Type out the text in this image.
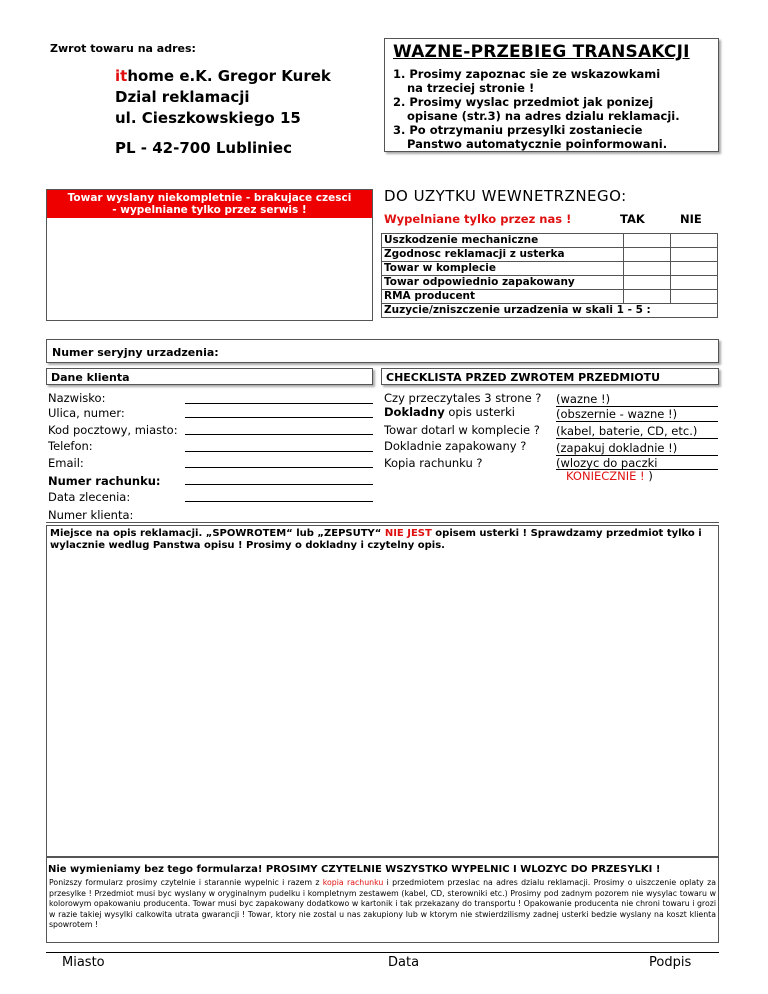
Zwrot towaru na adres:
ithome e.K. Gregor Kurek
Dzial reklamacji
ul. Cieszkowskiego 15
PL - 42-700 Lubliniec
WAZNE-PRZEBIEG TRANSAKCJI
1. Prosimy zapoznac sie ze wskazowkami
na trzeciej stronie !
2. Prosimy wyslac przedmiot jak ponizej
opisane (str.3) na adres dzialu reklamacji.
3. Po otrzymaniu przesylki zostaniecie
Panstwo automatycznie poinformowani.
Towar wyslany niekompletnie - brakujace czesci
- wypelniane tylko przez serwis !
DO UZYTKU WEWNETRZNEGO:
Wypelniane tylko przez nas !	TAK	NIE
Uszkodzenie mechaniczne		
Zgodnosc reklamacji z usterka		
Towar w komplecie		
Towar odpowiednio zapakowany		
RMA producent		
Zuzycie/zniszczenie urzadzenia w skali 1 - 5 :		
Numer seryjny urzadzenia:
Dane klienta	CHECKLISTA PRZED ZWROTEM PRZEDMIOTU
Nazwisko:
Ulica, numer:
Kod pocztowy, miasto:
Telefon:
Email:
Numer rachunku:
Data zlecenia:
Numer klienta:
Czy przeczytales 3 strone ? (wazne !)
Dokladny opis usterki	(obszernie - wazne !)
Towar dotarl w komplecie ? (kabel, baterie, CD, etc.)
Dokladnie zapakowany ?	(zapakuj dokladnie !)
Kopia rachunku ?	(wlozyc do paczki
KONIECZNIE ! )
Miejsce na opis reklamacji. „SPOWROTEM“ lub „ZEPSUTY“ NIE JEST opisem usterki ! Sprawdzamy przedmiot tylko i wylacznie wedlug Panstwa opisu ! Prosimy o dokladny i czytelny opis.
Nie wymieniamy bez tego formularza! PROSIMY CZYTELNIE WSZYSTKO WYPELNIC I WLOZYC DO PRZESYLKI !
Ponizszy formularz prosimy czytelnie i starannie wypelnic i razem z kopia rachunku i przedmiotem przeslac na adres dzialu reklamacji. Prosimy o uiszczenie oplaty za przesylke ! Przedmiot musi byc wyslany w oryginalnym pudelku i kompletnym zestawem (kabel, CD, sterowniki etc.) Prosimy pod zadnym pozorem nie wysylac towaru w kolorowym opakowaniu producenta. Towar musi byc zapakowany dodatkowo w kartonik i tak przekazany do transportu ! Opakowanie producenta nie chroni towaru i grozi w razie takiej wysylki calkowita utrata gwarancji ! Towar, ktory nie zostal u nas zakupiony lub w ktorym nie stwierdzilismy zadnej usterki bedzie wyslany na koszt klienta spowrotem !
Miasto	Data	Podpis
